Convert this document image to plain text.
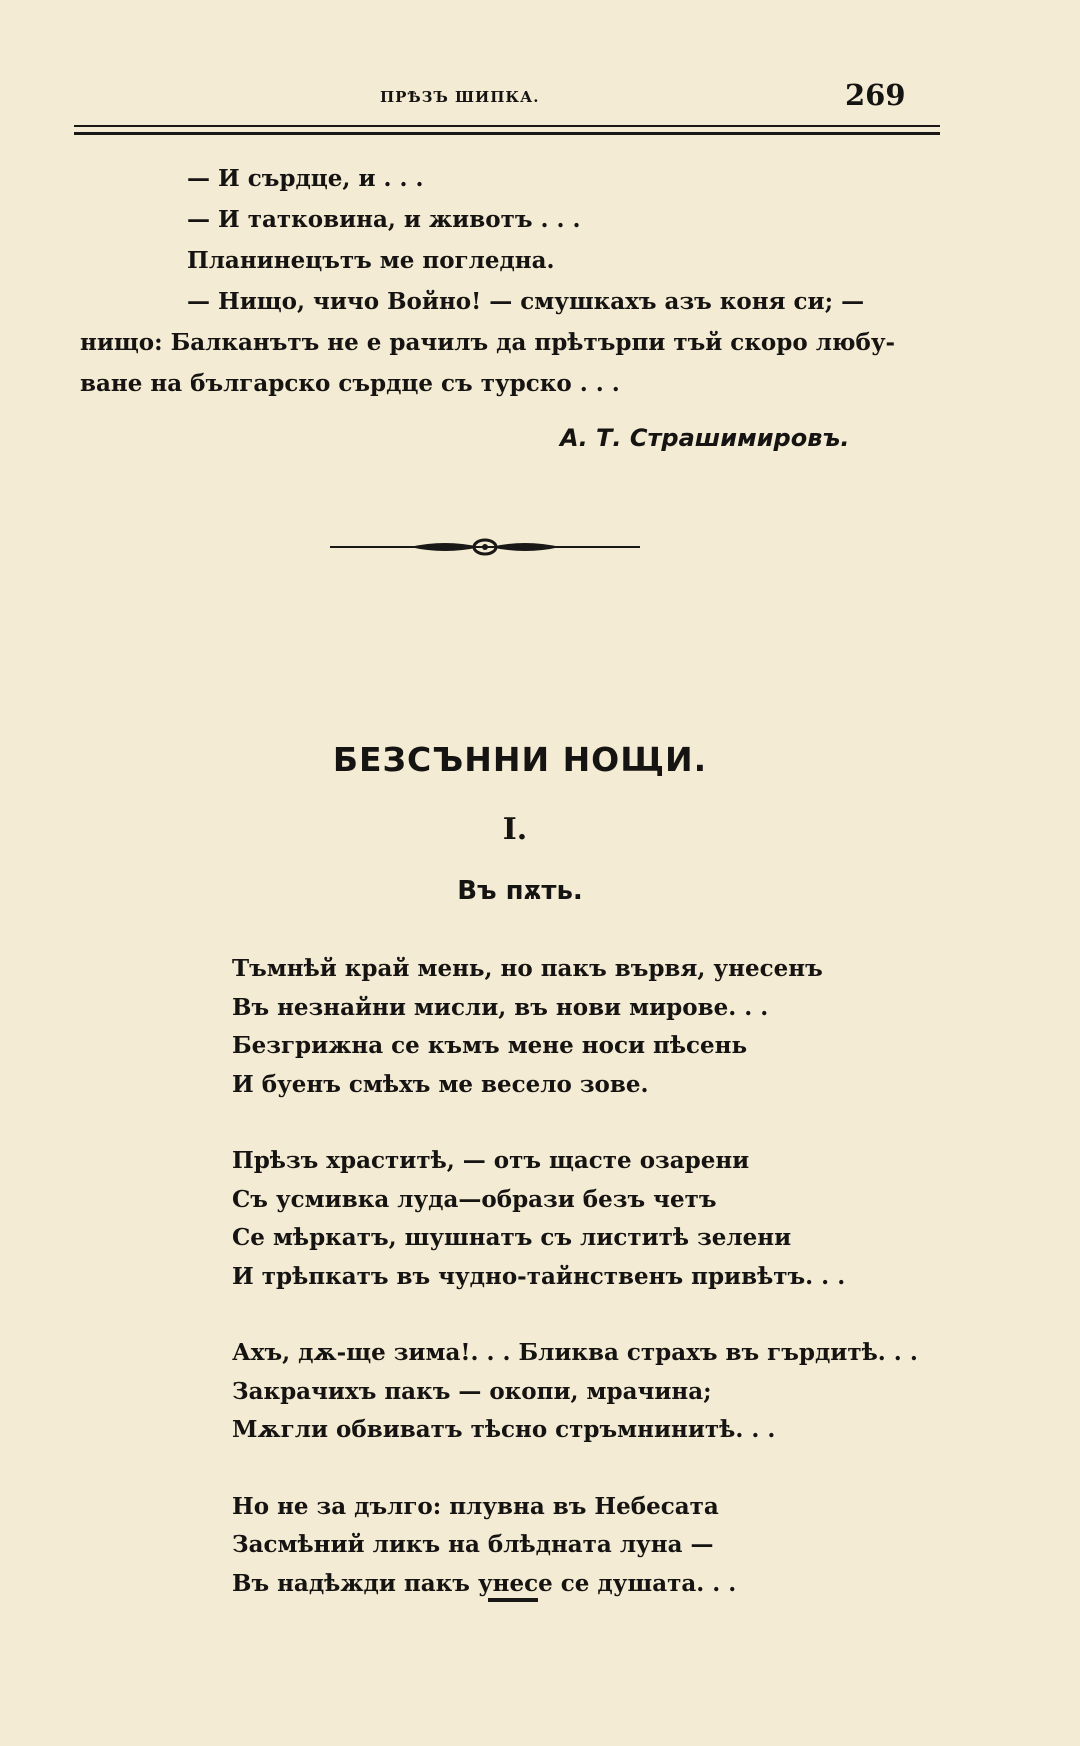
ПРѢЗЪ ШИПКА.	269

— И сърдце, и . . .

— И татковина, и животъ . . .

Планинецътъ ме погледна.

— Нищо, чичо Войно! — смушкахъ азъ коня си; —

нищо: Балканътъ не е рачилъ да прѣтърпи тъй скоро любу-

ване на българско сърдце съ турско . . .

А. Т. Страшимировъ.
БЕЗСЪННИ НОЩИ.
I.
Въ пѫть.
Тъмнѣй край мень, но пакъ вървя, унесенъ
Въ незнайни мисли, въ нови мирове. . .
Безгрижна се къмъ мене носи пѣсень
И буенъ смѣхъ ме весело зове.
Прѣзъ храститѣ, — отъ щасте озарени
Съ усмивка луда—образи безъ четъ
Се мѣркатъ, шушнатъ съ листитѣ зелени
И трѣпкатъ въ чудно-тайнственъ привѣтъ. . .
Ахъ, дѫ-ще зима!. . . Бликва страхъ въ гърдитѣ. . .
Закрачихъ пакъ — окопи, мрачина;
Мѫгли обвиватъ тѣсно стръмнинитѣ. . .
Но не за дълго: плувна въ Небесата
Засмѣний ликъ на блѣдната луна —
Въ надѣжди пакъ унесе се душата. . .
